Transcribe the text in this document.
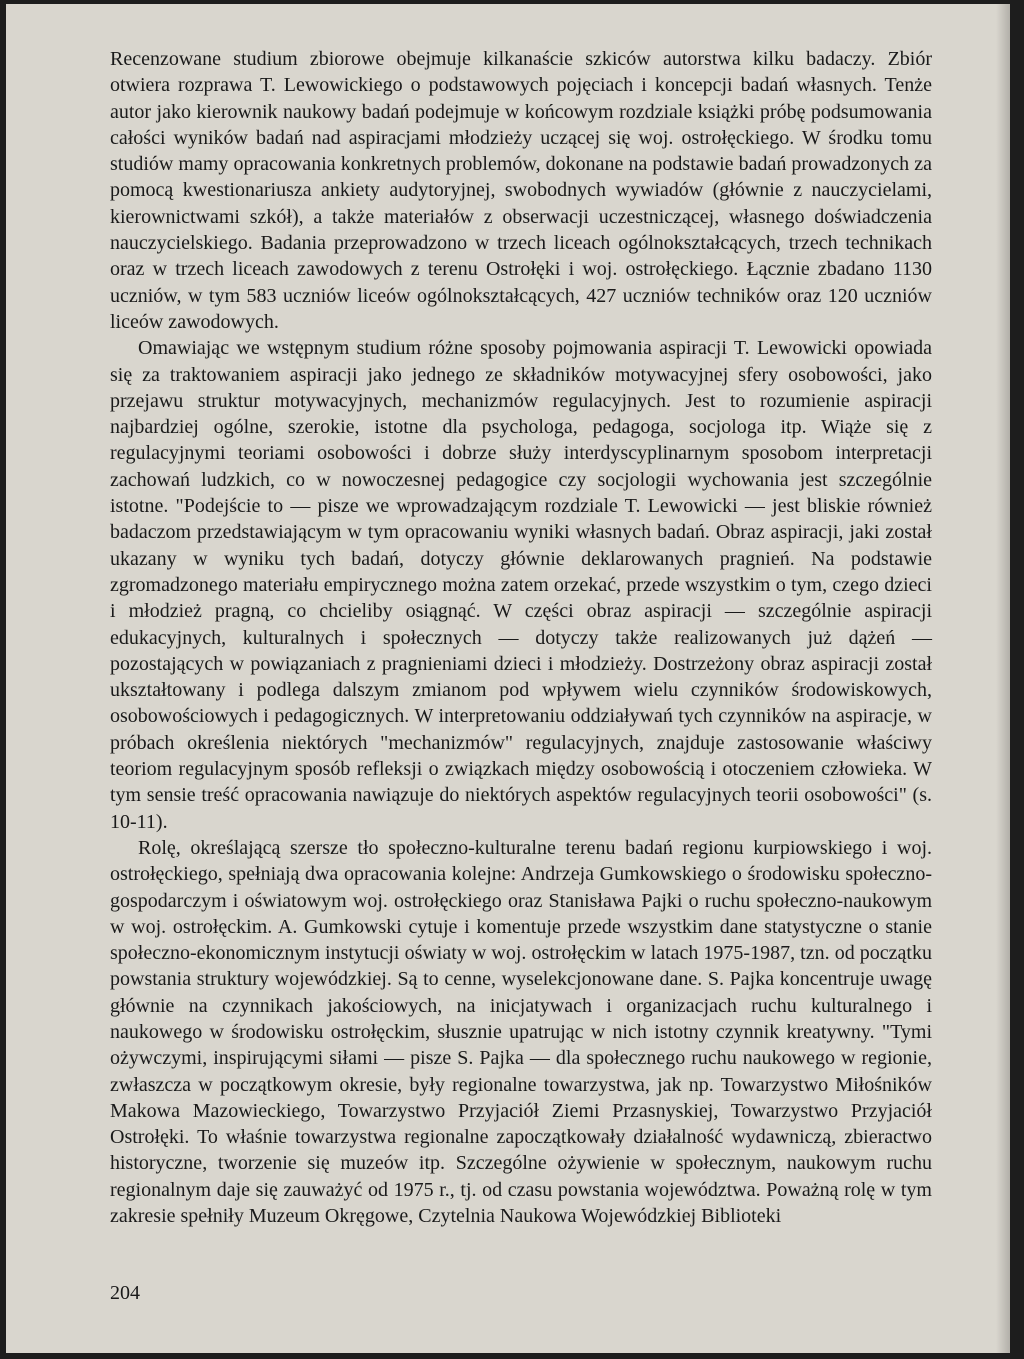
Recenzowane studium zbiorowe obejmuje kilkanaście szkiców autorstwa kilku badaczy. Zbiór otwiera rozprawa T. Lewowickiego o podstawowych pojęciach i koncepcji badań własnych. Tenże autor jako kierownik naukowy badań podejmuje w końcowym rozdziale książki próbę podsumowania całości wyników badań nad aspiracjami młodzieży uczącej się woj. ostrołęckiego. W środku tomu studiów mamy opracowania konkretnych problemów, dokonane na podstawie badań prowadzonych za pomocą kwestionariusza ankiety audytoryjnej, swobodnych wywiadów (głównie z nauczycielami, kierownictwami szkół), a także materiałów z obserwacji uczestniczącej, własnego doświadczenia nauczycielskiego. Badania przeprowadzono w trzech liceach ogólnokształcących, trzech technikach oraz w trzech liceach zawodowych z terenu Ostrołęki i woj. ostrołęckiego. Łącznie zbadano 1130 uczniów, w tym 583 uczniów liceów ogólnokształcących, 427 uczniów techników oraz 120 uczniów liceów zawodowych.

Omawiając we wstępnym studium różne sposoby pojmowania aspiracji T. Lewowicki opowiada się za traktowaniem aspiracji jako jednego ze składników motywacyjnej sfery osobowości, jako przejawu struktur motywacyjnych, mechanizmów regulacyjnych. Jest to rozumienie aspiracji najbardziej ogólne, szerokie, istotne dla psychologa, pedagoga, socjologa itp. Wiąże się z regulacyjnymi teoriami osobowości i dobrze służy interdyscyplinarnym sposobom interpretacji zachowań ludzkich, co w nowoczesnej pedagogice czy socjologii wychowania jest szczególnie istotne. "Podejście to — pisze we wprowadzającym rozdziale T. Lewowicki — jest bliskie również badaczom przedstawiającym w tym opracowaniu wyniki własnych badań. Obraz aspiracji, jaki został ukazany w wyniku tych badań, dotyczy głównie deklarowanych pragnień. Na podstawie zgromadzonego materiału empirycznego można zatem orzekać, przede wszystkim o tym, czego dzieci i młodzież pragną, co chcieliby osiągnąć. W części obraz aspiracji — szczególnie aspiracji edukacyjnych, kulturalnych i społecznych — dotyczy także realizowanych już dążeń — pozostających w powiązaniach z pragnieniami dzieci i młodzieży. Dostrzeżony obraz aspiracji został ukształtowany i podlega dalszym zmianom pod wpływem wielu czynników środowiskowych, osobowościowych i pedagogicznych. W interpretowaniu oddziaływań tych czynników na aspiracje, w próbach określenia niektórych "mechanizmów" regulacyjnych, znajduje zastosowanie właściwy teoriom regulacyjnym sposób refleksji o związkach między osobowością i otoczeniem człowieka. W tym sensie treść opracowania nawiązuje do niektórych aspektów regulacyjnych teorii osobowości" (s. 10-11).

Rolę, określającą szersze tło społeczno-kulturalne terenu badań regionu kurpiowskiego i woj. ostrołęckiego, spełniają dwa opracowania kolejne: Andrzeja Gumkowskiego o środowisku społeczno-gospodarczym i oświatowym woj. ostrołęckiego oraz Stanisława Pajki o ruchu społeczno-naukowym w woj. ostrołęckim. A. Gumkowski cytuje i komentuje przede wszystkim dane statystyczne o stanie społeczno-ekonomicznym instytucji oświaty w woj. ostrołęckim w latach 1975-1987, tzn. od początku powstania struktury wojewódzkiej. Są to cenne, wyselekcjonowane dane. S. Pajka koncentruje uwagę głównie na czynnikach jakościowych, na inicjatywach i organizacjach ruchu kulturalnego i naukowego w środowisku ostrołęckim, słusznie upatrując w nich istotny czynnik kreatywny. "Tymi ożywczymi, inspirującymi siłami — pisze S. Pajka — dla społecznego ruchu naukowego w regionie, zwłaszcza w początkowym okresie, były regionalne towarzystwa, jak np. Towarzystwo Miłośników Makowa Mazowieckiego, Towarzystwo Przyjaciół Ziemi Przasnyskiej, Towarzystwo Przyjaciół Ostrołęki. To właśnie towarzystwa regionalne zapoczątkowały działalność wydawniczą, zbieractwo historyczne, tworzenie się muzeów itp. Szczególne ożywienie w społecznym, naukowym ruchu regionalnym daje się zauważyć od 1975 r., tj. od czasu powstania województwa. Poważną rolę w tym zakresie spełniły Muzeum Okręgowe, Czytelnia Naukowa Wojewódzkiej Biblioteki

204
